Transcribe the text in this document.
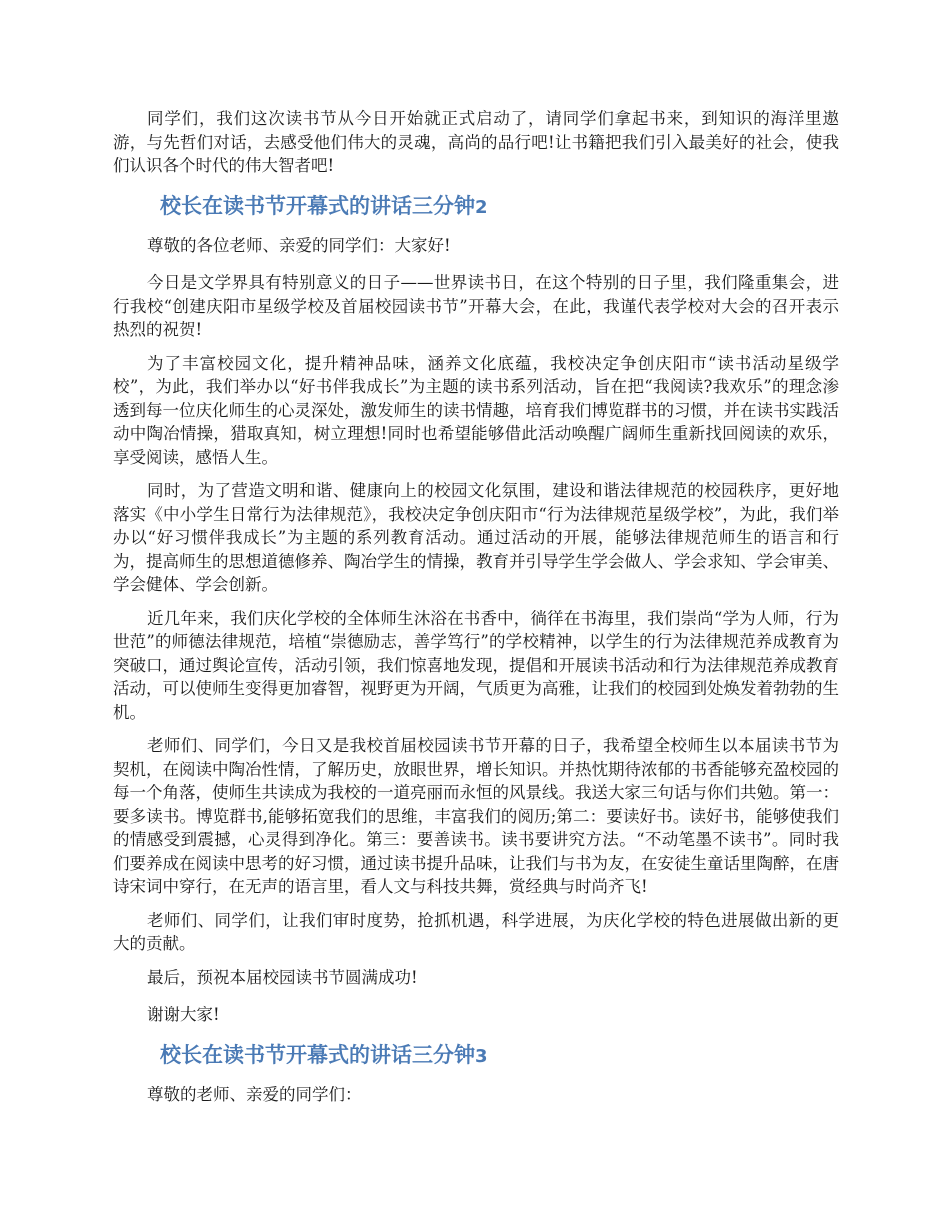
同学们，我们这次读书节从今日开始就正式启动了，请同学们拿起书来，到知识的海洋里遨游，与先哲们对话，去感受他们伟大的灵魂，高尚的品行吧!让书籍把我们引入最美好的社会，使我们认识各个时代的伟大智者吧!

校长在读书节开幕式的讲话三分钟2

尊敬的各位老师、亲爱的同学们：大家好!

今日是文学界具有特别意义的日子——世界读书日，在这个特别的日子里，我们隆重集会，进行我校“创建庆阳市星级学校及首届校园读书节”开幕大会，在此，我谨代表学校对大会的召开表示热烈的祝贺!

为了丰富校园文化，提升精神品味，涵养文化底蕴，我校决定争创庆阳市“读书活动星级学校”，为此，我们举办以“好书伴我成长”为主题的读书系列活动，旨在把“我阅读?我欢乐”的理念渗透到每一位庆化师生的心灵深处，激发师生的读书情趣，培育我们博览群书的习惯，并在读书实践活动中陶冶情操，猎取真知，树立理想!同时也希望能够借此活动唤醒广阔师生重新找回阅读的欢乐，享受阅读，感悟人生。

同时，为了营造文明和谐、健康向上的校园文化氛围，建设和谐法律规范的校园秩序，更好地落实《中小学生日常行为法律规范》，我校决定争创庆阳市“行为法律规范星级学校”，为此，我们举办以“好习惯伴我成长”为主题的系列教育活动。通过活动的开展，能够法律规范师生的语言和行为，提高师生的思想道德修养、陶冶学生的情操，教育并引导学生学会做人、学会求知、学会审美、学会健体、学会创新。

近几年来，我们庆化学校的全体师生沐浴在书香中，徜徉在书海里，我们崇尚“学为人师，行为世范”的师德法律规范，培植“崇德励志，善学笃行”的学校精神，以学生的行为法律规范养成教育为突破口，通过舆论宣传，活动引领，我们惊喜地发现，提倡和开展读书活动和行为法律规范养成教育活动，可以使师生变得更加睿智，视野更为开阔，气质更为高雅，让我们的校园到处焕发着勃勃的生机。

老师们、同学们，今日又是我校首届校园读书节开幕的日子，我希望全校师生以本届读书节为契机，在阅读中陶冶性情，了解历史，放眼世界，增长知识。并热忱期待浓郁的书香能够充盈校园的每一个角落，使师生共读成为我校的一道亮丽而永恒的风景线。我送大家三句话与你们共勉。第一：要多读书。博览群书,能够拓宽我们的思维，丰富我们的阅历;第二：要读好书。读好书，能够使我们的情感受到震撼，心灵得到净化。第三：要善读书。读书要讲究方法。“不动笔墨不读书”。同时我们要养成在阅读中思考的好习惯，通过读书提升品味，让我们与书为友，在安徒生童话里陶醉，在唐诗宋词中穿行，在无声的语言里，看人文与科技共舞，赏经典与时尚齐飞!

老师们、同学们，让我们审时度势，抢抓机遇，科学进展，为庆化学校的特色进展做出新的更大的贡献。

最后，预祝本届校园读书节圆满成功!

谢谢大家!

校长在读书节开幕式的讲话三分钟3

尊敬的老师、亲爱的同学们：
